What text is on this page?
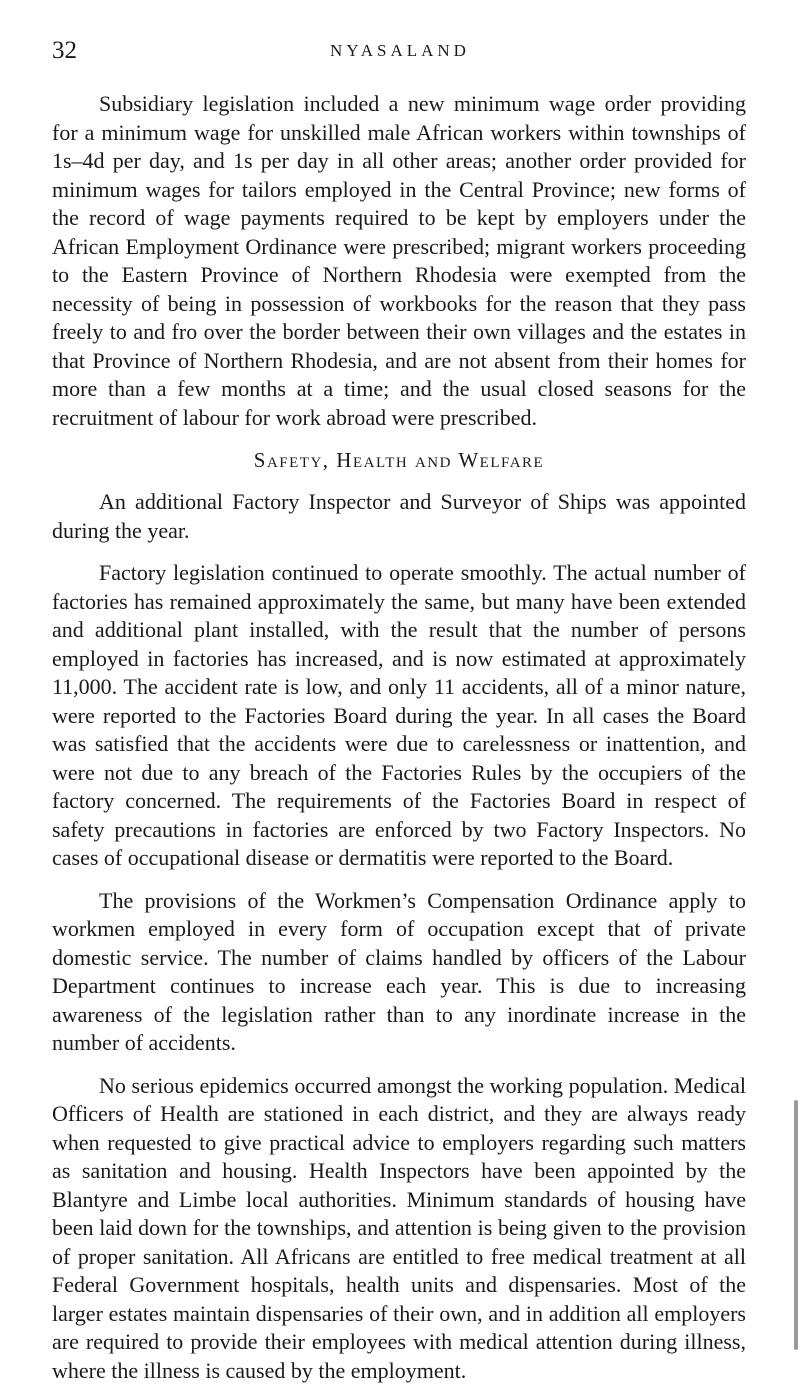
32	NYASALAND

Subsidiary legislation included a new minimum wage order providing for a minimum wage for unskilled male African workers within townships of 1s–4d per day, and 1s per day in all other areas; another order provided for minimum wages for tailors employed in the Central Province; new forms of the record of wage payments required to be kept by employers under the African Employment Ordinance were prescribed; migrant workers proceeding to the Eastern Province of Northern Rhodesia were exempted from the necessity of being in possession of workbooks for the reason that they pass freely to and fro over the border between their own villages and the estates in that Province of Northern Rhodesia, and are not absent from their homes for more than a few months at a time; and the usual closed seasons for the recruitment of labour for work abroad were prescribed.

Safety, Health and Welfare

An additional Factory Inspector and Surveyor of Ships was appointed during the year.

Factory legislation continued to operate smoothly. The actual number of factories has remained approximately the same, but many have been extended and additional plant installed, with the result that the number of persons employed in factories has increased, and is now estimated at approximately 11,000. The accident rate is low, and only 11 accidents, all of a minor nature, were reported to the Factories Board during the year. In all cases the Board was satisfied that the accidents were due to carelessness or inattention, and were not due to any breach of the Factories Rules by the occupiers of the factory concerned. The requirements of the Factories Board in respect of safety precautions in factories are enforced by two Factory Inspectors. No cases of occupational disease or dermatitis were reported to the Board.

The provisions of the Workmen’s Compensation Ordinance apply to workmen employed in every form of occupation except that of private domestic service. The number of claims handled by officers of the Labour Department continues to increase each year. This is due to increasing awareness of the legislation rather than to any inordinate increase in the number of accidents.

No serious epidemics occurred amongst the working population. Medical Officers of Health are stationed in each district, and they are always ready when requested to give practical advice to employers regarding such matters as sanitation and housing. Health Inspectors have been appointed by the Blantyre and Limbe local authorities. Minimum standards of housing have been laid down for the townships, and attention is being given to the provision of proper sanitation. All Africans are entitled to free medical treatment at all Federal Government hospitals, health units and dispensaries. Most of the larger estates maintain dispensaries of their own, and in addition all employers are required to provide their employees with medical attention during illness, where the illness is caused by the employment.
